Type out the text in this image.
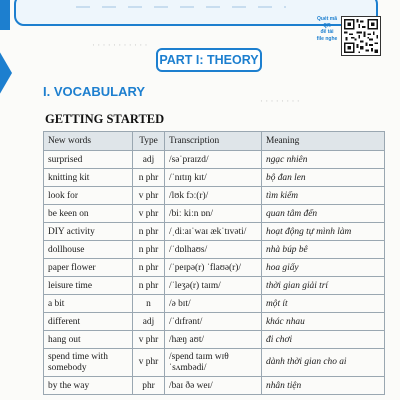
· · · · · · · · · · ·
· · · · · · · ·
Quét mã
QR
để tải
file nghe
PART I: THEORY
I. VOCABULARY
GETTING STARTED
New words	Type	Transcription	Meaning
surprised	adj	/səˈpraɪzd/	ngạc nhiên
knitting kit	n phr	/ˈnɪtɪŋ kɪt/	bộ đan len
look for	v phr	/lʊk fɔː(r)/	tìm kiếm
be keen on	v phr	/biː kiːn ɒn/	quan tâm đến
DIY activity	n phr	/ˌdiːaɪˈwaɪ ækˈtɪvəti/	hoạt động tự mình làm
dollhouse	n phr	/ˈdɒlhaʊs/	nhà búp bê
paper flower	n phr	/ˈpeɪpə(r) ˈflaʊə(r)/	hoa giấy
leisure time	n phr	/ˈleʒə(r) taɪm/	thời gian giải trí
a bit	n	/ə bɪt/	một ít
different	adj	/ˈdɪfrənt/	khác nhau
hang out	v phr	/hæŋ aʊt/	đi chơi
spend time with somebody	v phr	/spend taɪm wɪθ ˈsʌmbədi/	dành thời gian cho ai
by the way	phr	/baɪ ðə weɪ/	nhân tiện
